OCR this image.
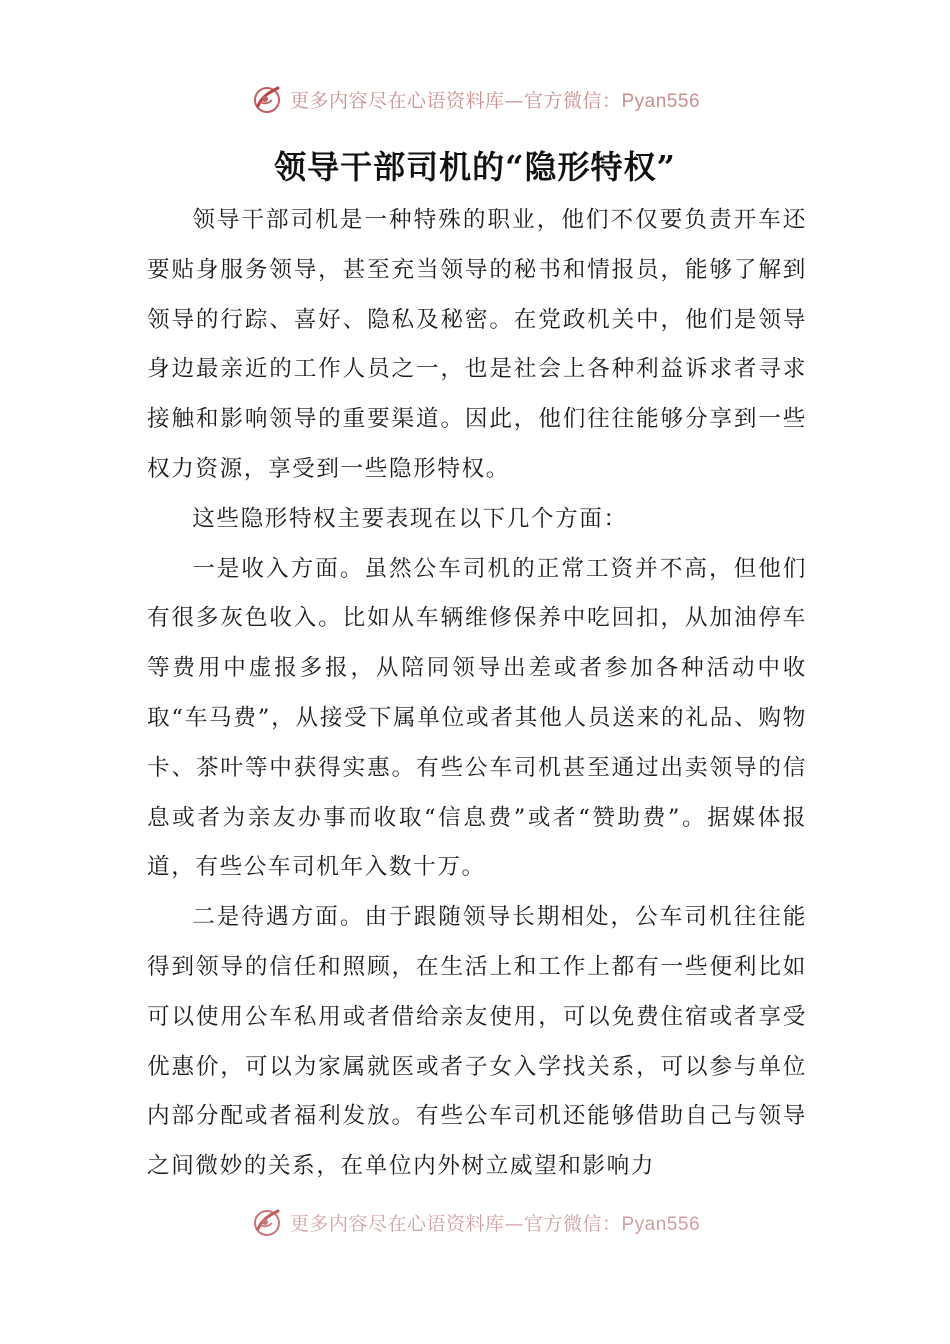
更多内容尽在心语资料库—官方微信：Pyan556
领导干部司机的“隐形特权”

领导干部司机是一种特殊的职业，他们不仅要负责开车还要贴身服务领导，甚至充当领导的秘书和情报员，能够了解到领导的行踪、喜好、隐私及秘密。在党政机关中，他们是领导身边最亲近的工作人员之一，也是社会上各种利益诉求者寻求接触和影响领导的重要渠道。因此，他们往往能够分享到一些权力资源，享受到一些隐形特权。

这些隐形特权主要表现在以下几个方面：

一是收入方面。虽然公车司机的正常工资并不高，但他们有很多灰色收入。比如从车辆维修保养中吃回扣，从加油停车等费用中虚报多报，从陪同领导出差或者参加各种活动中收取“车马费”，从接受下属单位或者其他人员送来的礼品、购物卡、茶叶等中获得实惠。有些公车司机甚至通过出卖领导的信息或者为亲友办事而收取“信息费”或者“赞助费”。据媒体报道，有些公车司机年入数十万。

二是待遇方面。由于跟随领导长期相处，公车司机往往能得到领导的信任和照顾，在生活上和工作上都有一些便利比如可以使用公车私用或者借给亲友使用，可以免费住宿或者享受优惠价，可以为家属就医或者子女入学找关系，可以参与单位内部分配或者福利发放。有些公车司机还能够借助自己与领导之间微妙的关系，在单位内外树立威望和影响力

更多内容尽在心语资料库—官方微信：Pyan556
